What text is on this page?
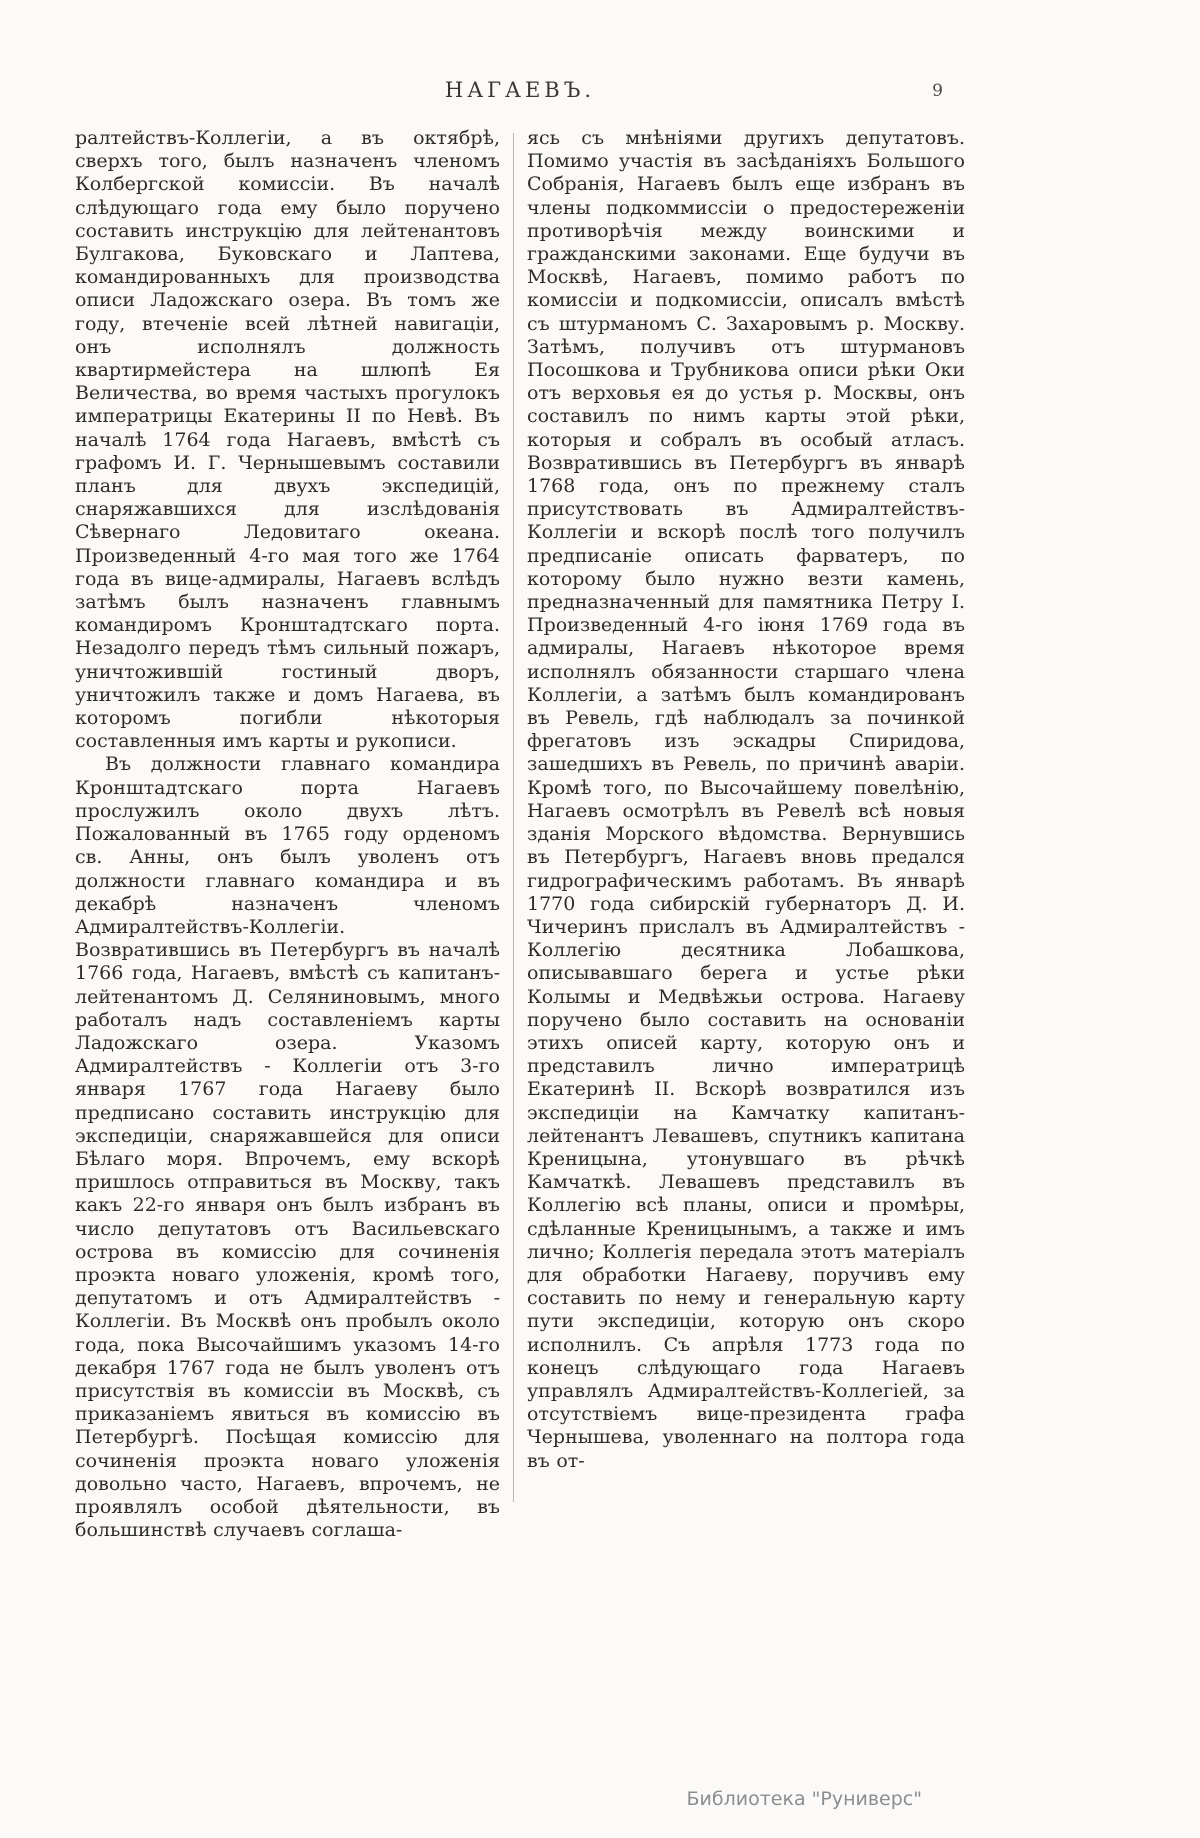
НАГАЕВЪ.	9

ралтействъ-Коллегіи, а въ октябрѣ, сверхъ того, былъ назначенъ членомъ Колбергской комиссіи. Въ началѣ слѣдующаго года ему было поручено составить инструкцію для лейтенантовъ Булгакова, Буковскаго и Лаптева, командированныхъ для производства описи Ладожскаго озера. Въ томъ же году, втеченіе всей лѣтней навигаціи, онъ исполнялъ должность квартирмейстера на шлюпѣ Ея Величества, во время частыхъ прогулокъ императрицы Екатерины II по Невѣ. Въ началѣ 1764 года Нагаевъ, вмѣстѣ съ графомъ И. Г. Чернышевымъ составили планъ для двухъ экспедицій, снаряжавшихся для изслѣдованія Сѣвернаго Ледовитаго океана. Произведенный 4-го мая того же 1764 года въ вице-адмиралы, Нагаевъ вслѣдъ затѣмъ былъ назначенъ главнымъ командиромъ Кронштадтскаго порта. Незадолго передъ тѣмъ сильный пожаръ, уничтожившій гостиный дворъ, уничтожилъ также и домъ Нагаева, въ которомъ погибли нѣкоторыя составленныя имъ карты и рукописи.

Въ должности главнаго командира Кронштадтскаго порта Нагаевъ прослужилъ около двухъ лѣтъ. Пожалованный въ 1765 году орденомъ св. Анны, онъ былъ уволенъ отъ должности главнаго командира и въ декабрѣ назначенъ членомъ Адмиралтействъ-Коллегіи. Возвратившись въ Петербургъ въ началѣ 1766 года, Нагаевъ, вмѣстѣ съ капитанъ-лейтенантомъ Д. Селяниновымъ, много работалъ надъ составленіемъ карты Ладожскаго озера. Указомъ Адмиралтействъ - Коллегіи отъ 3-го января 1767 года Нагаеву было предписано составить инструкцію для экспедиціи, снаряжавшейся для описи Бѣлаго моря. Впрочемъ, ему вскорѣ пришлось отправиться въ Москву, такъ какъ 22-го января онъ былъ избранъ въ число депутатовъ отъ Васильевскаго острова въ комиссію для сочиненія проэкта новаго уложенія, кромѣ того, депутатомъ и отъ Адмиралтействъ - Коллегіи. Въ Москвѣ онъ пробылъ около года, пока Высочайшимъ указомъ 14-го декабря 1767 года не былъ уволенъ отъ присутствія въ комиссіи въ Москвѣ, съ приказаніемъ явиться въ комиссію въ Петербургѣ. Посѣщая комиссію для сочиненія проэкта новаго уложенія довольно часто, Нагаевъ, впрочемъ, не проявлялъ особой дѣятельности, въ большинствѣ случаевъ соглаша-

ясь съ мнѣніями другихъ депутатовъ. Помимо участія въ засѣданіяхъ Большого Собранія, Нагаевъ былъ еще избранъ въ члены подкоммиссіи о предостереженіи противорѣчія между воинскими и гражданскими законами. Еще будучи въ Москвѣ, Нагаевъ, помимо работъ по комиссіи и подкомиссіи, описалъ вмѣстѣ съ штурманомъ С. Захаровымъ р. Москву. Затѣмъ, получивъ отъ штурмановъ Посошкова и Трубникова описи рѣки Оки отъ верховья ея до устья р. Москвы, онъ составилъ по нимъ карты этой рѣки, которыя и собралъ въ особый атласъ. Возвратившись въ Петербургъ въ январѣ 1768 года, онъ по прежнему сталъ присутствовать въ Адмиралтействъ-Коллегіи и вскорѣ послѣ того получилъ предписаніе описать фарватеръ, по которому было нужно везти камень, предназначенный для памятника Петру I. Произведенный 4-го іюня 1769 года въ адмиралы, Нагаевъ нѣкоторое время исполнялъ обязанности старшаго члена Коллегіи, а затѣмъ былъ командированъ въ Ревель, гдѣ наблюдалъ за починкой фрегатовъ изъ эскадры Спиридова, зашедшихъ въ Ревель, по причинѣ аваріи. Кромѣ того, по Высочайшему повелѣнію, Нагаевъ осмотрѣлъ въ Ревелѣ всѣ новыя зданія Морского вѣдомства. Вернувшись въ Петербургъ, Нагаевъ вновь предался гидрографическимъ работамъ. Въ январѣ 1770 года сибирскій губернаторъ Д. И. Чичеринъ прислалъ въ Адмиралтействъ - Коллегію десятника Лобашкова, описывавшаго берега и устье рѣки Колымы и Медвѣжьи острова. Нагаеву поручено было составить на основаніи этихъ описей карту, которую онъ и представилъ лично императрицѣ Екатеринѣ II. Вскорѣ возвратился изъ экспедиціи на Камчатку капитанъ-лейтенантъ Левашевъ, спутникъ капитана Креницына, утонувшаго въ рѣчкѣ Камчаткѣ. Левашевъ представилъ въ Коллегію всѣ планы, описи и промѣры, сдѣланные Креницынымъ, а также и имъ лично; Коллегія передала этотъ матеріалъ для обработки Нагаеву, поручивъ ему составить по нему и генеральную карту пути экспедиціи, которую онъ скоро исполнилъ. Съ апрѣля 1773 года по конецъ слѣдующаго года Нагаевъ управлялъ Адмиралтействъ-Коллегіей, за отсутствіемъ вице-президента графа Чернышева, уволеннаго на полтора года въ от-

Библиотека "Руниверс"
